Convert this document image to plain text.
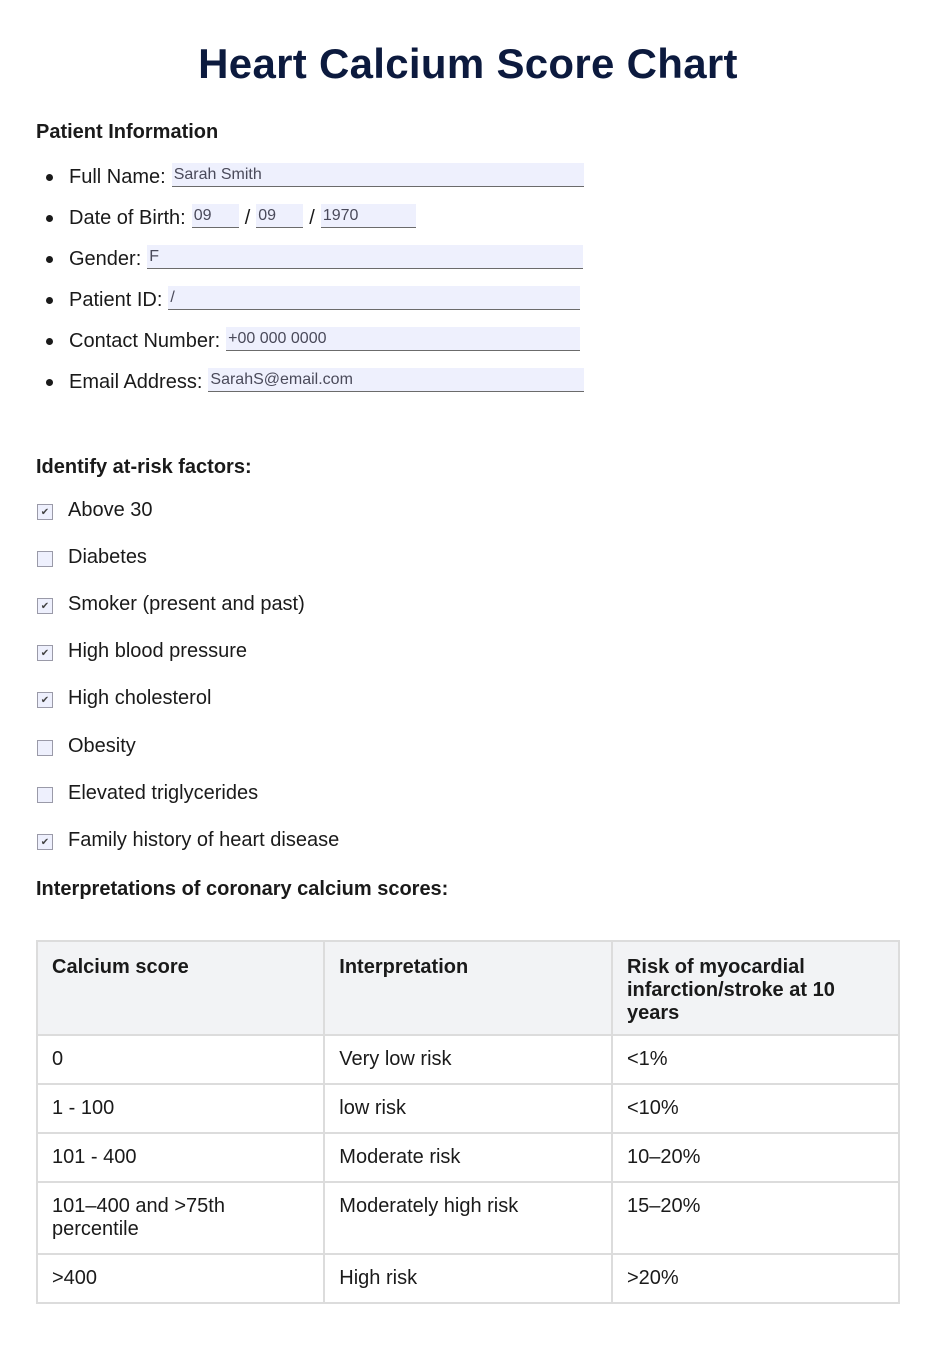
Heart Calcium Score Chart
Patient Information
Full Name: Sarah Smith
Date of Birth: 09	/ 09	/ 1970
Gender: F
Patient ID: /
Contact Number: +00 000 0000
Email Address: SarahS@email.com
Identify at-risk factors:
✔ Above 30
Diabetes
✔ Smoker (present and past)
✔ High blood pressure
✔ High cholesterol
Obesity
Elevated triglycerides
✔ Family history of heart disease
Interpretations of coronary calcium scores:
Calcium score	Interpretation	Risk of myocardial infarction/stroke at 10 years
0	Very low risk	<1%
1 - 100	low risk	<10%
101 - 400	Moderate risk	10–20%
101–400 and >75th percentile	Moderately high risk	15–20%
>400	High risk	>20%
